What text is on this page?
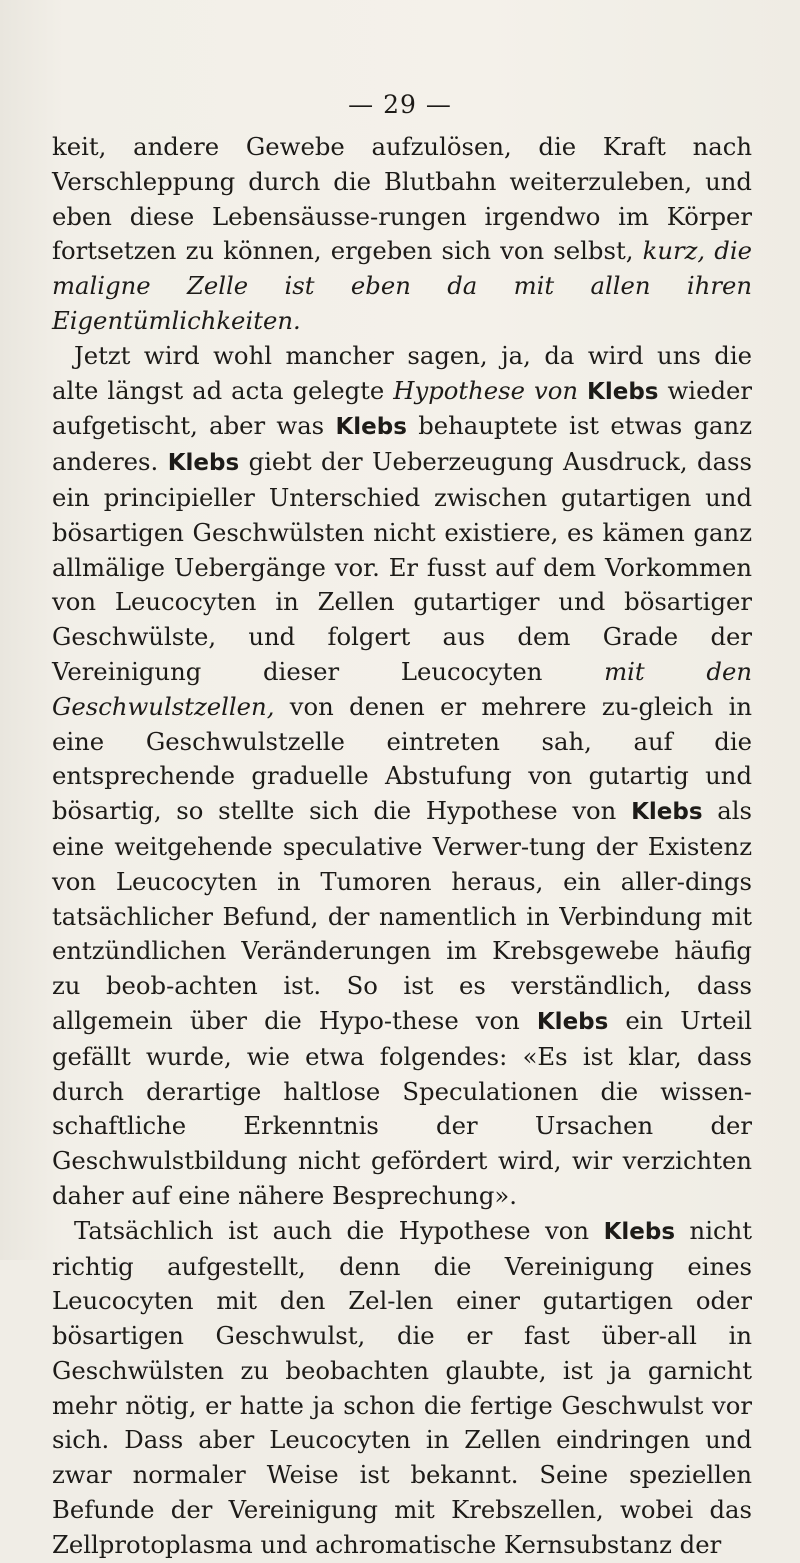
— 29 —

keit, andere Gewebe aufzulösen, die Kraft nach Verschleppung durch die Blutbahn weiterzuleben, und eben diese Lebensäusse-rungen irgendwo im Körper fortsetzen zu können, ergeben sich von selbst, kurz, die maligne Zelle ist eben da mit allen ihren Eigentümlichkeiten.

Jetzt wird wohl mancher sagen, ja, da wird uns die alte längst ad acta gelegte Hypothese von Klebs wieder aufgetischt, aber was Klebs behauptete ist etwas ganz anderes. Klebs giebt der Ueberzeugung Ausdruck, dass ein principieller Unterschied zwischen gutartigen und bösartigen Geschwülsten nicht existiere, es kämen ganz allmälige Uebergänge vor. Er fusst auf dem Vorkommen von Leucocyten in Zellen gutartiger und bösartiger Geschwülste, und folgert aus dem Grade der Vereinigung dieser Leucocyten mit den Geschwulstzellen, von denen er mehrere zu-gleich in eine Geschwulstzelle eintreten sah, auf die entsprechende graduelle Abstufung von gutartig und bösartig, so stellte sich die Hypothese von Klebs als eine weitgehende speculative Verwer-tung der Existenz von Leucocyten in Tumoren heraus, ein aller-dings tatsächlicher Befund, der namentlich in Verbindung mit entzündlichen Veränderungen im Krebsgewebe häufig zu beob-achten ist. So ist es verständlich, dass allgemein über die Hypo-these von Klebs ein Urteil gefällt wurde, wie etwa folgendes: «Es ist klar, dass durch derartige haltlose Speculationen die wissen-schaftliche Erkenntnis der Ursachen der Geschwulstbildung nicht gefördert wird, wir verzichten daher auf eine nähere Besprechung».

Tatsächlich ist auch die Hypothese von Klebs nicht richtig aufgestellt, denn die Vereinigung eines Leucocyten mit den Zel-len einer gutartigen oder bösartigen Geschwulst, die er fast über-all in Geschwülsten zu beobachten glaubte, ist ja garnicht mehr nötig, er hatte ja schon die fertige Geschwulst vor sich. Dass aber Leucocyten in Zellen eindringen und zwar normaler Weise ist bekannt. Seine speziellen Befunde der Vereinigung mit Krebszellen, wobei das Zellprotoplasma und achromatische Kernsubstanz der
